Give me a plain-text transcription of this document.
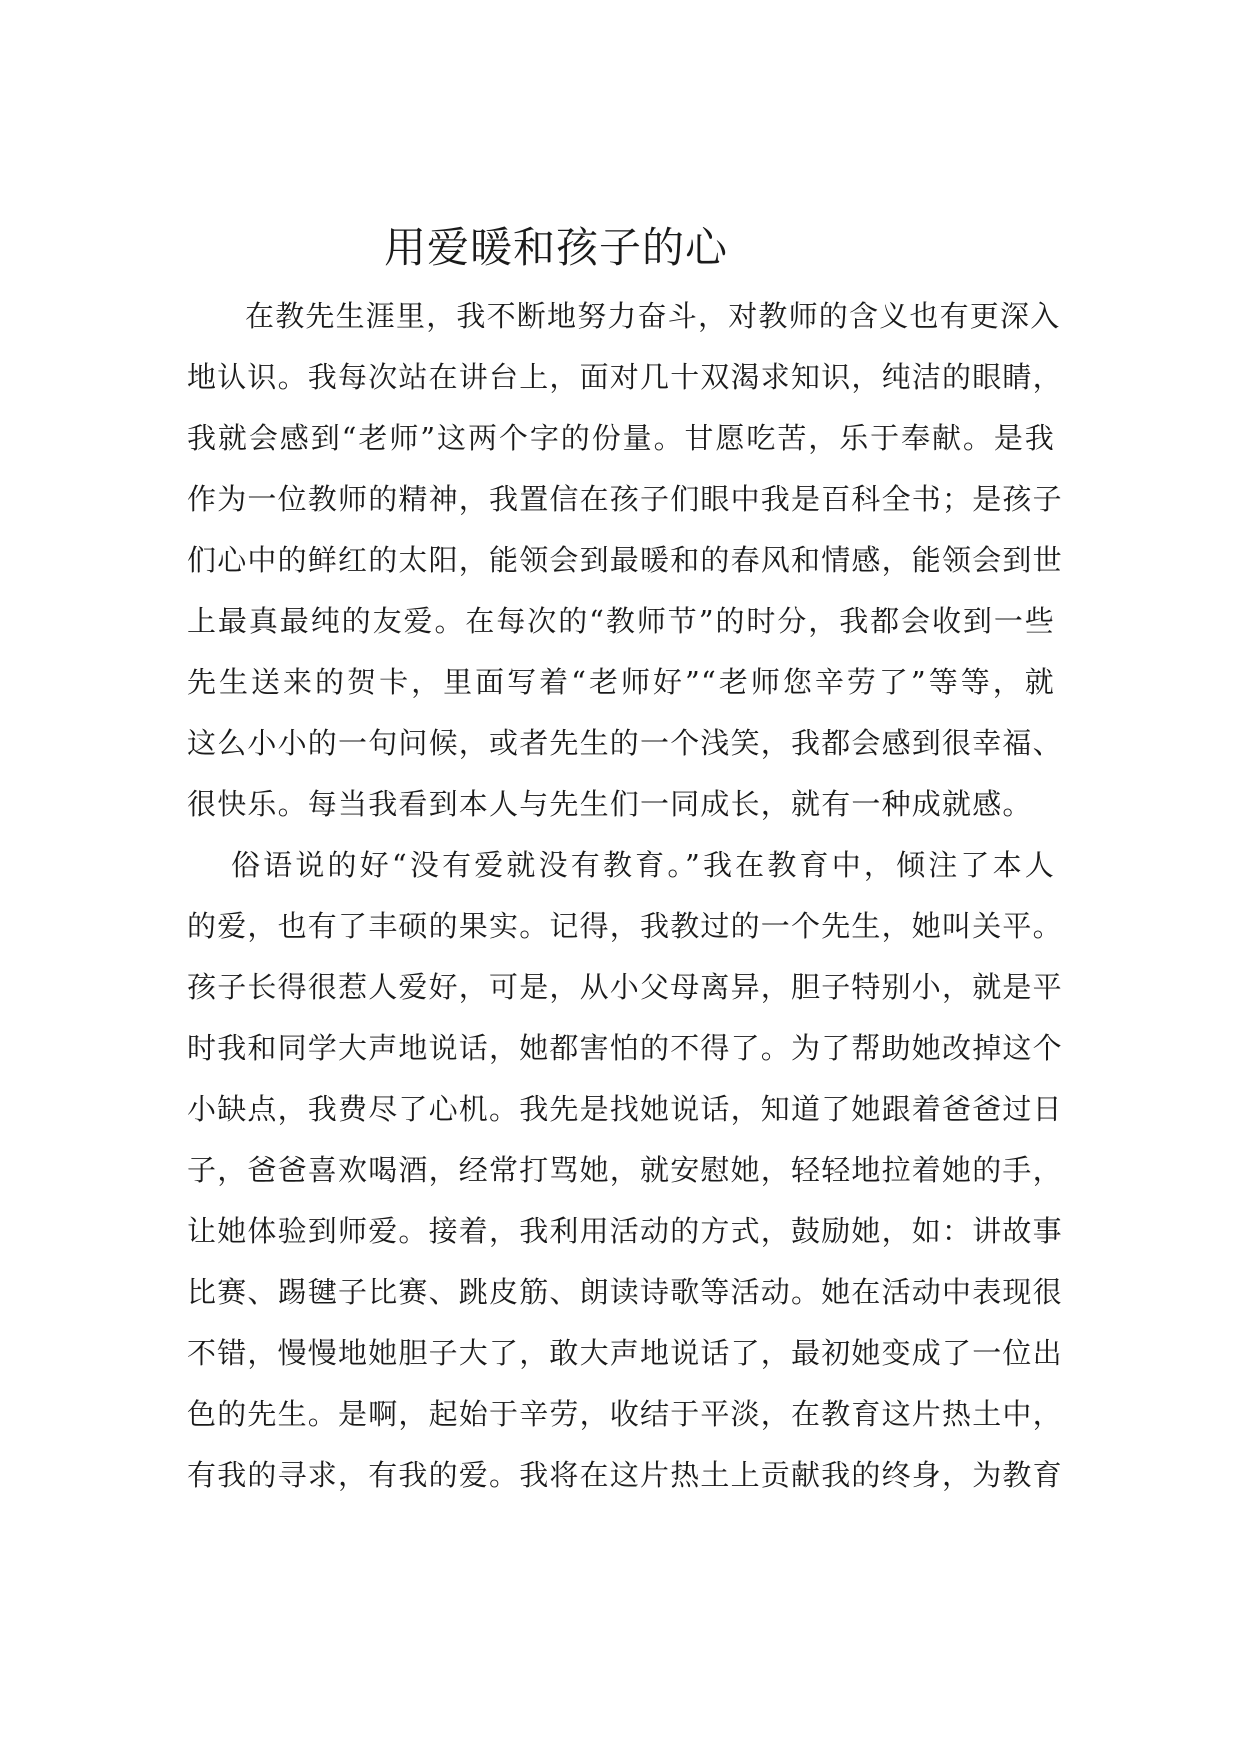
用爱暖和孩子的心
在教先生涯里，我不断地努力奋斗，对教师的含义也有更深入
地认识。我每次站在讲台上，面对几十双渴求知识，纯洁的眼睛，
我就会感到“老师”这两个字的份量。甘愿吃苦，乐于奉献。是我
作为一位教师的精神，我置信在孩子们眼中我是百科全书；是孩子
们心中的鲜红的太阳，能领会到最暖和的春风和情感，能领会到世
上最真最纯的友爱。在每次的“教师节”的时分，我都会收到一些
先生送来的贺卡，里面写着“老师好”“老师您辛劳了”等等，就
这么小小的一句问候，或者先生的一个浅笑，我都会感到很幸福、
很快乐。每当我看到本人与先生们一同成长，就有一种成就感。
俗语说的好“没有爱就没有教育。”我在教育中，倾注了本人
的爱，也有了丰硕的果实。记得，我教过的一个先生，她叫关平。
孩子长得很惹人爱好，可是，从小父母离异，胆子特别小，就是平
时我和同学大声地说话，她都害怕的不得了。为了帮助她改掉这个
小缺点，我费尽了心机。我先是找她说话，知道了她跟着爸爸过日
子，爸爸喜欢喝酒，经常打骂她，就安慰她，轻轻地拉着她的手，
让她体验到师爱。接着，我利用活动的方式，鼓励她，如：讲故事
比赛、踢毽子比赛、跳皮筋、朗读诗歌等活动。她在活动中表现很
不错，慢慢地她胆子大了，敢大声地说话了，最初她变成了一位出
色的先生。是啊，起始于辛劳，收结于平淡，在教育这片热土中，
有我的寻求，有我的爱。我将在这片热土上贡献我的终身，为教育
